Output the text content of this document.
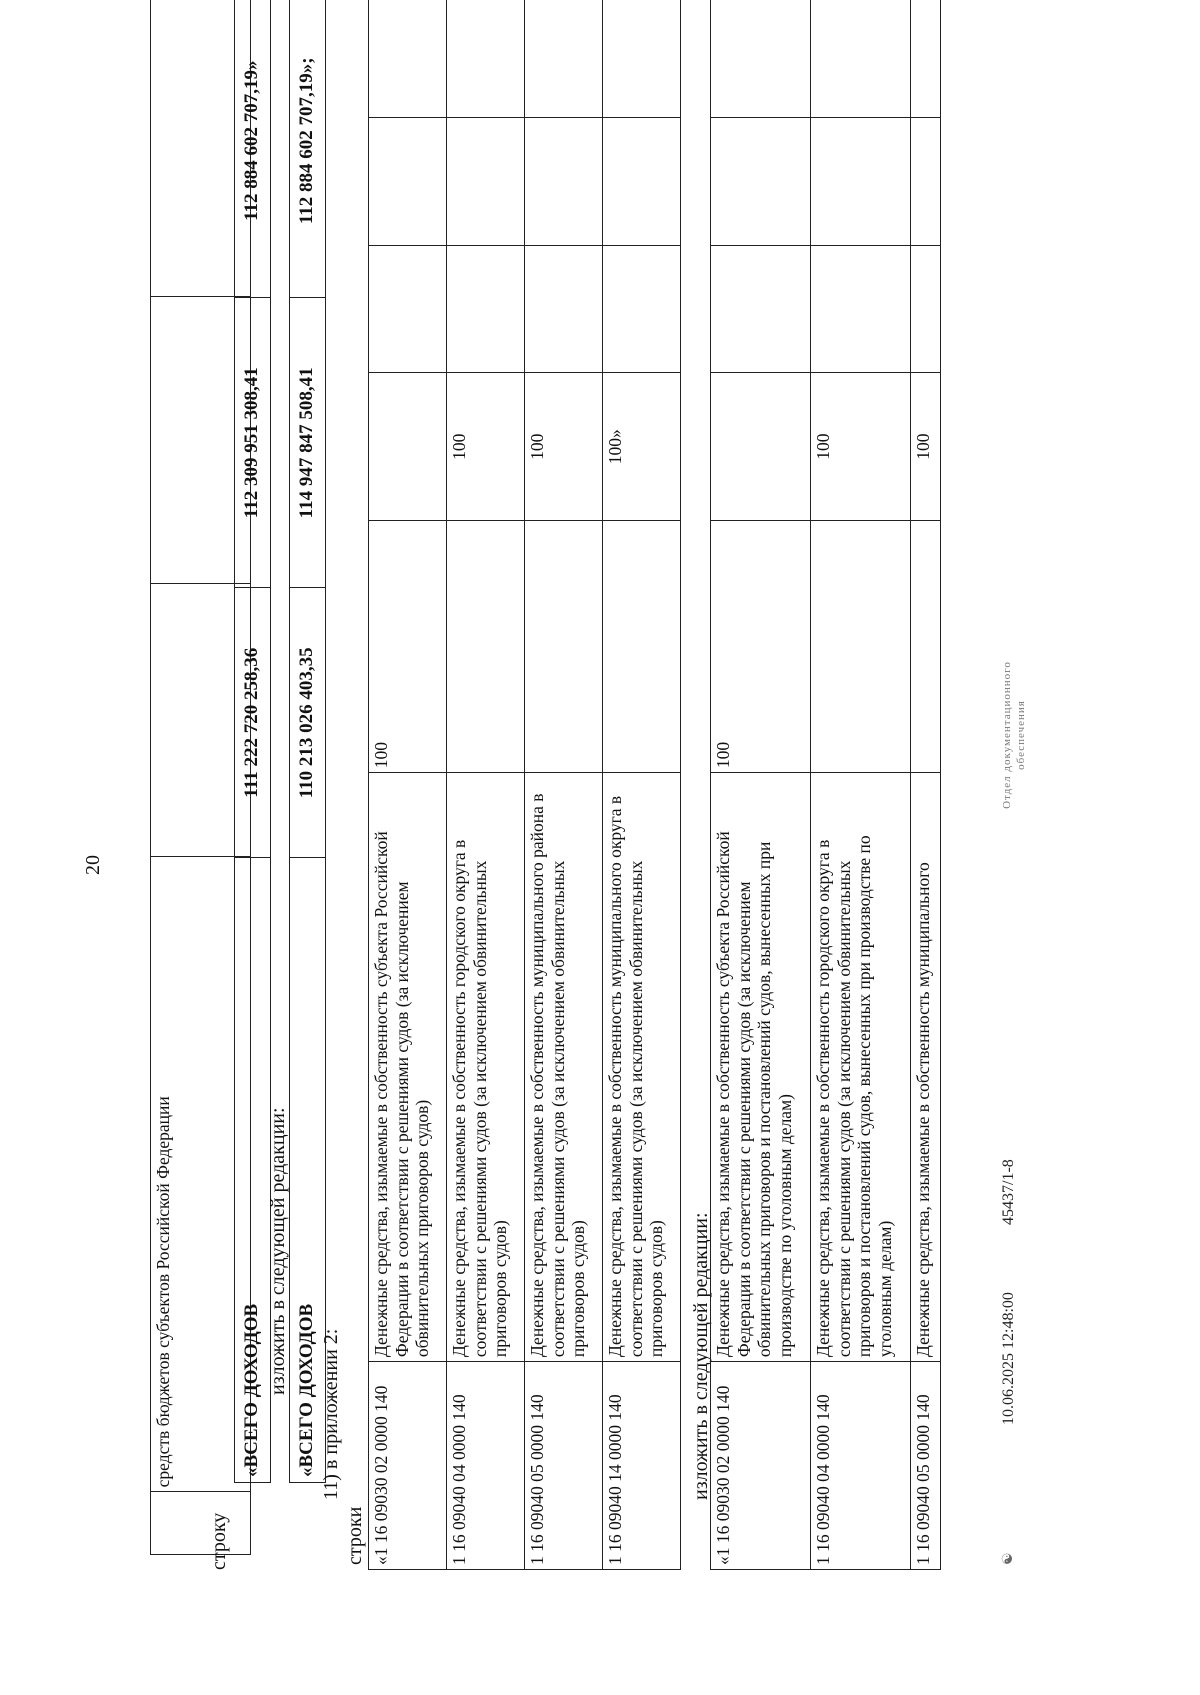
20
	средств бюджетов субъектов Российской Федерации			
строку
«ВСЕГО ДОХОДОВ	111 222 720 258,36	112 309 951 308,41	112 884 602 707,19»
изложить в следующей редакции: «ВСЕГО ДОХОДОВ	110 213 026 403,35	114 947 847 508,41	112 884 602 707,19»;
11) в приложении 2:
строки «1 16 09030 02 0000 140	Денежные средства, изымаемые в собственность субъекта Российской Федерации в соответствии с решениями судов (за исключением обвинительных приговоров судов)	100				
1 16 09040 04 0000 140	Денежные средства, изымаемые в собственность городского округа в соответствии с решениями судов (за исключением обвинительных приговоров судов)		100			
1 16 09040 05 0000 140	Денежные средства, изымаемые в собственность муниципального района в соответствии с решениями судов (за исключением обвинительных приговоров судов)		100			
1 16 09040 14 0000 140	Денежные средства, изымаемые в собственность муниципального округа в соответствии с решениями судов (за исключением обвинительных приговоров судов)		100»			
изложить в следующей редакции: «1 16 09030 02 0000 140	Денежные средства, изымаемые в собственность субъекта Российской Федерации в соответствии с решениями судов (за исключением обвинительных приговоров и постановлений судов, вынесенных при производстве по уголовным делам)	100				
1 16 09040 04 0000 140	Денежные средства, изымаемые в собственность городского округа в соответствии с решениями судов (за исключением обвинительных приговоров и постановлений судов, вынесенных при производстве по уголовным делам)		100			
1 16 09040 05 0000 140	Денежные средства, изымаемые в собственность муниципального		100			
☯
10.06.2025 12:48:00
45437/1-8
Отдел документационного обеспечения
